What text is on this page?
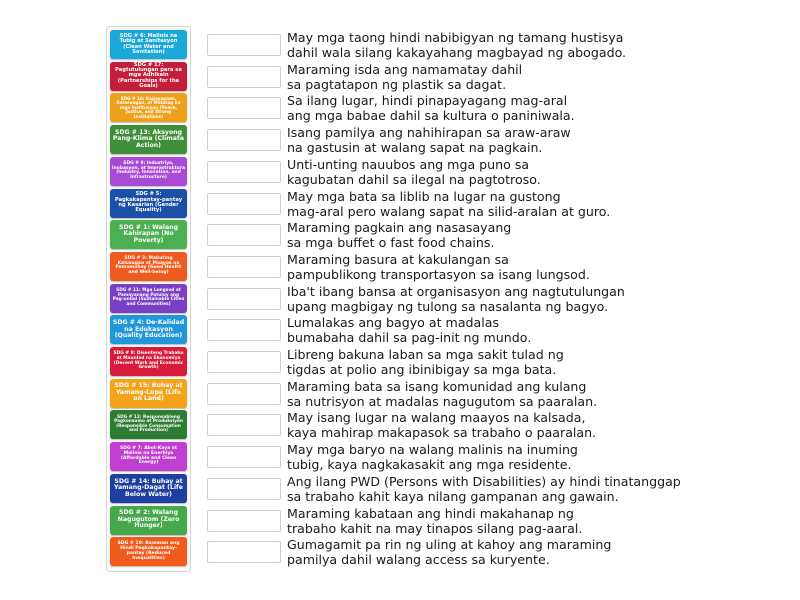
SDG # 6: Malinis na Tubig at Sanitasyon (Clean Water and Sanitation)
SDG # 17: Pagtutulungan para sa mga Adhikain (Partnerships for the Goals)
SDG # 16: Kapayapaan, Katarungan, at Matatag na mga Institusyon (Peace, Justice, and Strong Institutions)
SDG # 13: Aksyong Pang-Klima (Climate Action)
SDG # 9: Industriya, Inobasyon, at Imprastraktura (Industry, Innovation, and Infrastructure)
SDG # 5: Pagkakapantay-pantay ng Kasarian (Gender Equality)
SDG # 1: Walang Kahirapan (No Poverty)
SDG # 3: Mabuting Kalusugan at Maayos na Pamumuhay (Good Health and Well-being)
SDG # 11: Mga Lungsod at Pamayanang Patuloy ang Pag-unlad (Sustainable Cities and Communities)
SDG # 4: De-Kalidad na Edukasyon (Quality Education)
SDG # 8: Disenteng Trabaho at Maunlad na Ekonomiya (Decent Work and Economic Growth)
SDG # 15: Buhay at Yamang-Lupa (Life on Land)
SDG # 12: Responsableng Pagkonsumo at Produksiyon (Responsible Consumption and Production)
SDG # 7: Abot-Kaya at Malinis na Enerhiya (Affordable and Clean Energy)
SDG # 14: Buhay at Yamang-Dagat (Life Below Water)
SDG # 2: Walang Nagugutom (Zero Hunger)
SDG # 10: Bawasan ang Hindi Pagkakapantay-pantay (Reduced Inequalities)
May mga taong hindi nabibigyan ng tamang hustisya
dahil wala silang kakayahang magbayad ng abogado.
Maraming isda ang namamatay dahil
sa pagtatapon ng plastik sa dagat.
Sa ilang lugar, hindi pinapayagang mag-aral
ang mga babae dahil sa kultura o paniniwala.
Isang pamilya ang nahihirapan sa araw-araw
na gastusin at walang sapat na pagkain.
Unti-unting nauubos ang mga puno sa
kagubatan dahil sa ilegal na pagtotroso.
May mga bata sa liblib na lugar na gustong
mag-aral pero walang sapat na silid-aralan at guro.
Maraming pagkain ang nasasayang
sa mga buffet o fast food chains.
Maraming basura at kakulangan sa
pampublikong transportasyon sa isang lungsod.
Iba't ibang bansa at organisasyon ang nagtutulungan
upang magbigay ng tulong sa nasalanta ng bagyo.
Lumalakas ang bagyo at madalas
bumabaha dahil sa pag-init ng mundo.
Libreng bakuna laban sa mga sakit tulad ng
tigdas at polio ang ibinibigay sa mga bata.
Maraming bata sa isang komunidad ang kulang
sa nutrisyon at madalas nagugutom sa paaralan.
May isang lugar na walang maayos na kalsada,
kaya mahirap makapasok sa trabaho o paaralan.
May mga baryo na walang malinis na inuming
tubig, kaya nagkakasakit ang mga residente.
Ang ilang PWD (Persons with Disabilities) ay hindi tinatanggap
sa trabaho kahit kaya nilang gampanan ang gawain.
Maraming kabataan ang hindi makahanap ng
trabaho kahit na may tinapos silang pag-aaral.
Gumagamit pa rin ng uling at kahoy ang maraming
pamilya dahil walang access sa kuryente.
